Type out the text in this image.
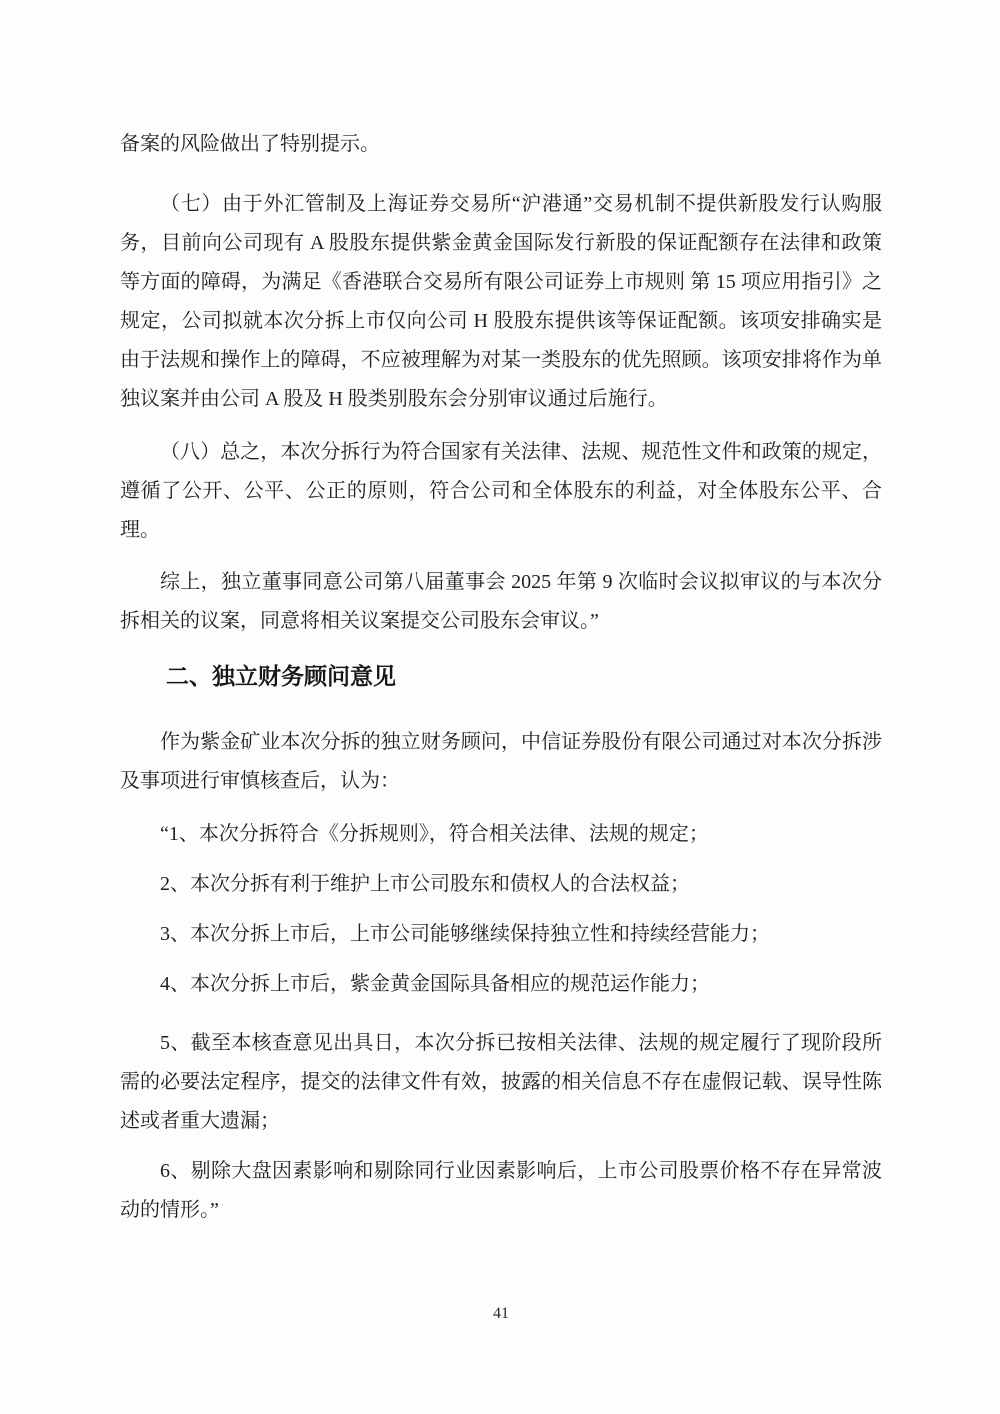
备案的风险做出了特别提示。

（七）由于外汇管制及上海证券交易所“沪港通”交易机制不提供新股发行认购服务，目前向公司现有 A 股股东提供紫金黄金国际发行新股的保证配额存在法律和政策等方面的障碍，为满足《香港联合交易所有限公司证券上市规则 第 15 项应用指引》之规定，公司拟就本次分拆上市仅向公司 H 股股东提供该等保证配额。该项安排确实是由于法规和操作上的障碍，不应被理解为对某一类股东的优先照顾。该项安排将作为单独议案并由公司 A 股及 H 股类别股东会分别审议通过后施行。

（八）总之，本次分拆行为符合国家有关法律、法规、规范性文件和政策的规定，遵循了公开、公平、公正的原则，符合公司和全体股东的利益，对全体股东公平、合理。

综上，独立董事同意公司第八届董事会 2025 年第 9 次临时会议拟审议的与本次分拆相关的议案，同意将相关议案提交公司股东会审议。”

二、独立财务顾问意见

作为紫金矿业本次分拆的独立财务顾问，中信证券股份有限公司通过对本次分拆涉及事项进行审慎核查后，认为：

“1、本次分拆符合《分拆规则》，符合相关法律、法规的规定；

2、本次分拆有利于维护上市公司股东和债权人的合法权益；

3、本次分拆上市后，上市公司能够继续保持独立性和持续经营能力；

4、本次分拆上市后，紫金黄金国际具备相应的规范运作能力；

5、截至本核查意见出具日，本次分拆已按相关法律、法规的规定履行了现阶段所需的必要法定程序，提交的法律文件有效，披露的相关信息不存在虚假记载、误导性陈述或者重大遗漏；

6、剔除大盘因素影响和剔除同行业因素影响后，上市公司股票价格不存在异常波动的情形。”

41
